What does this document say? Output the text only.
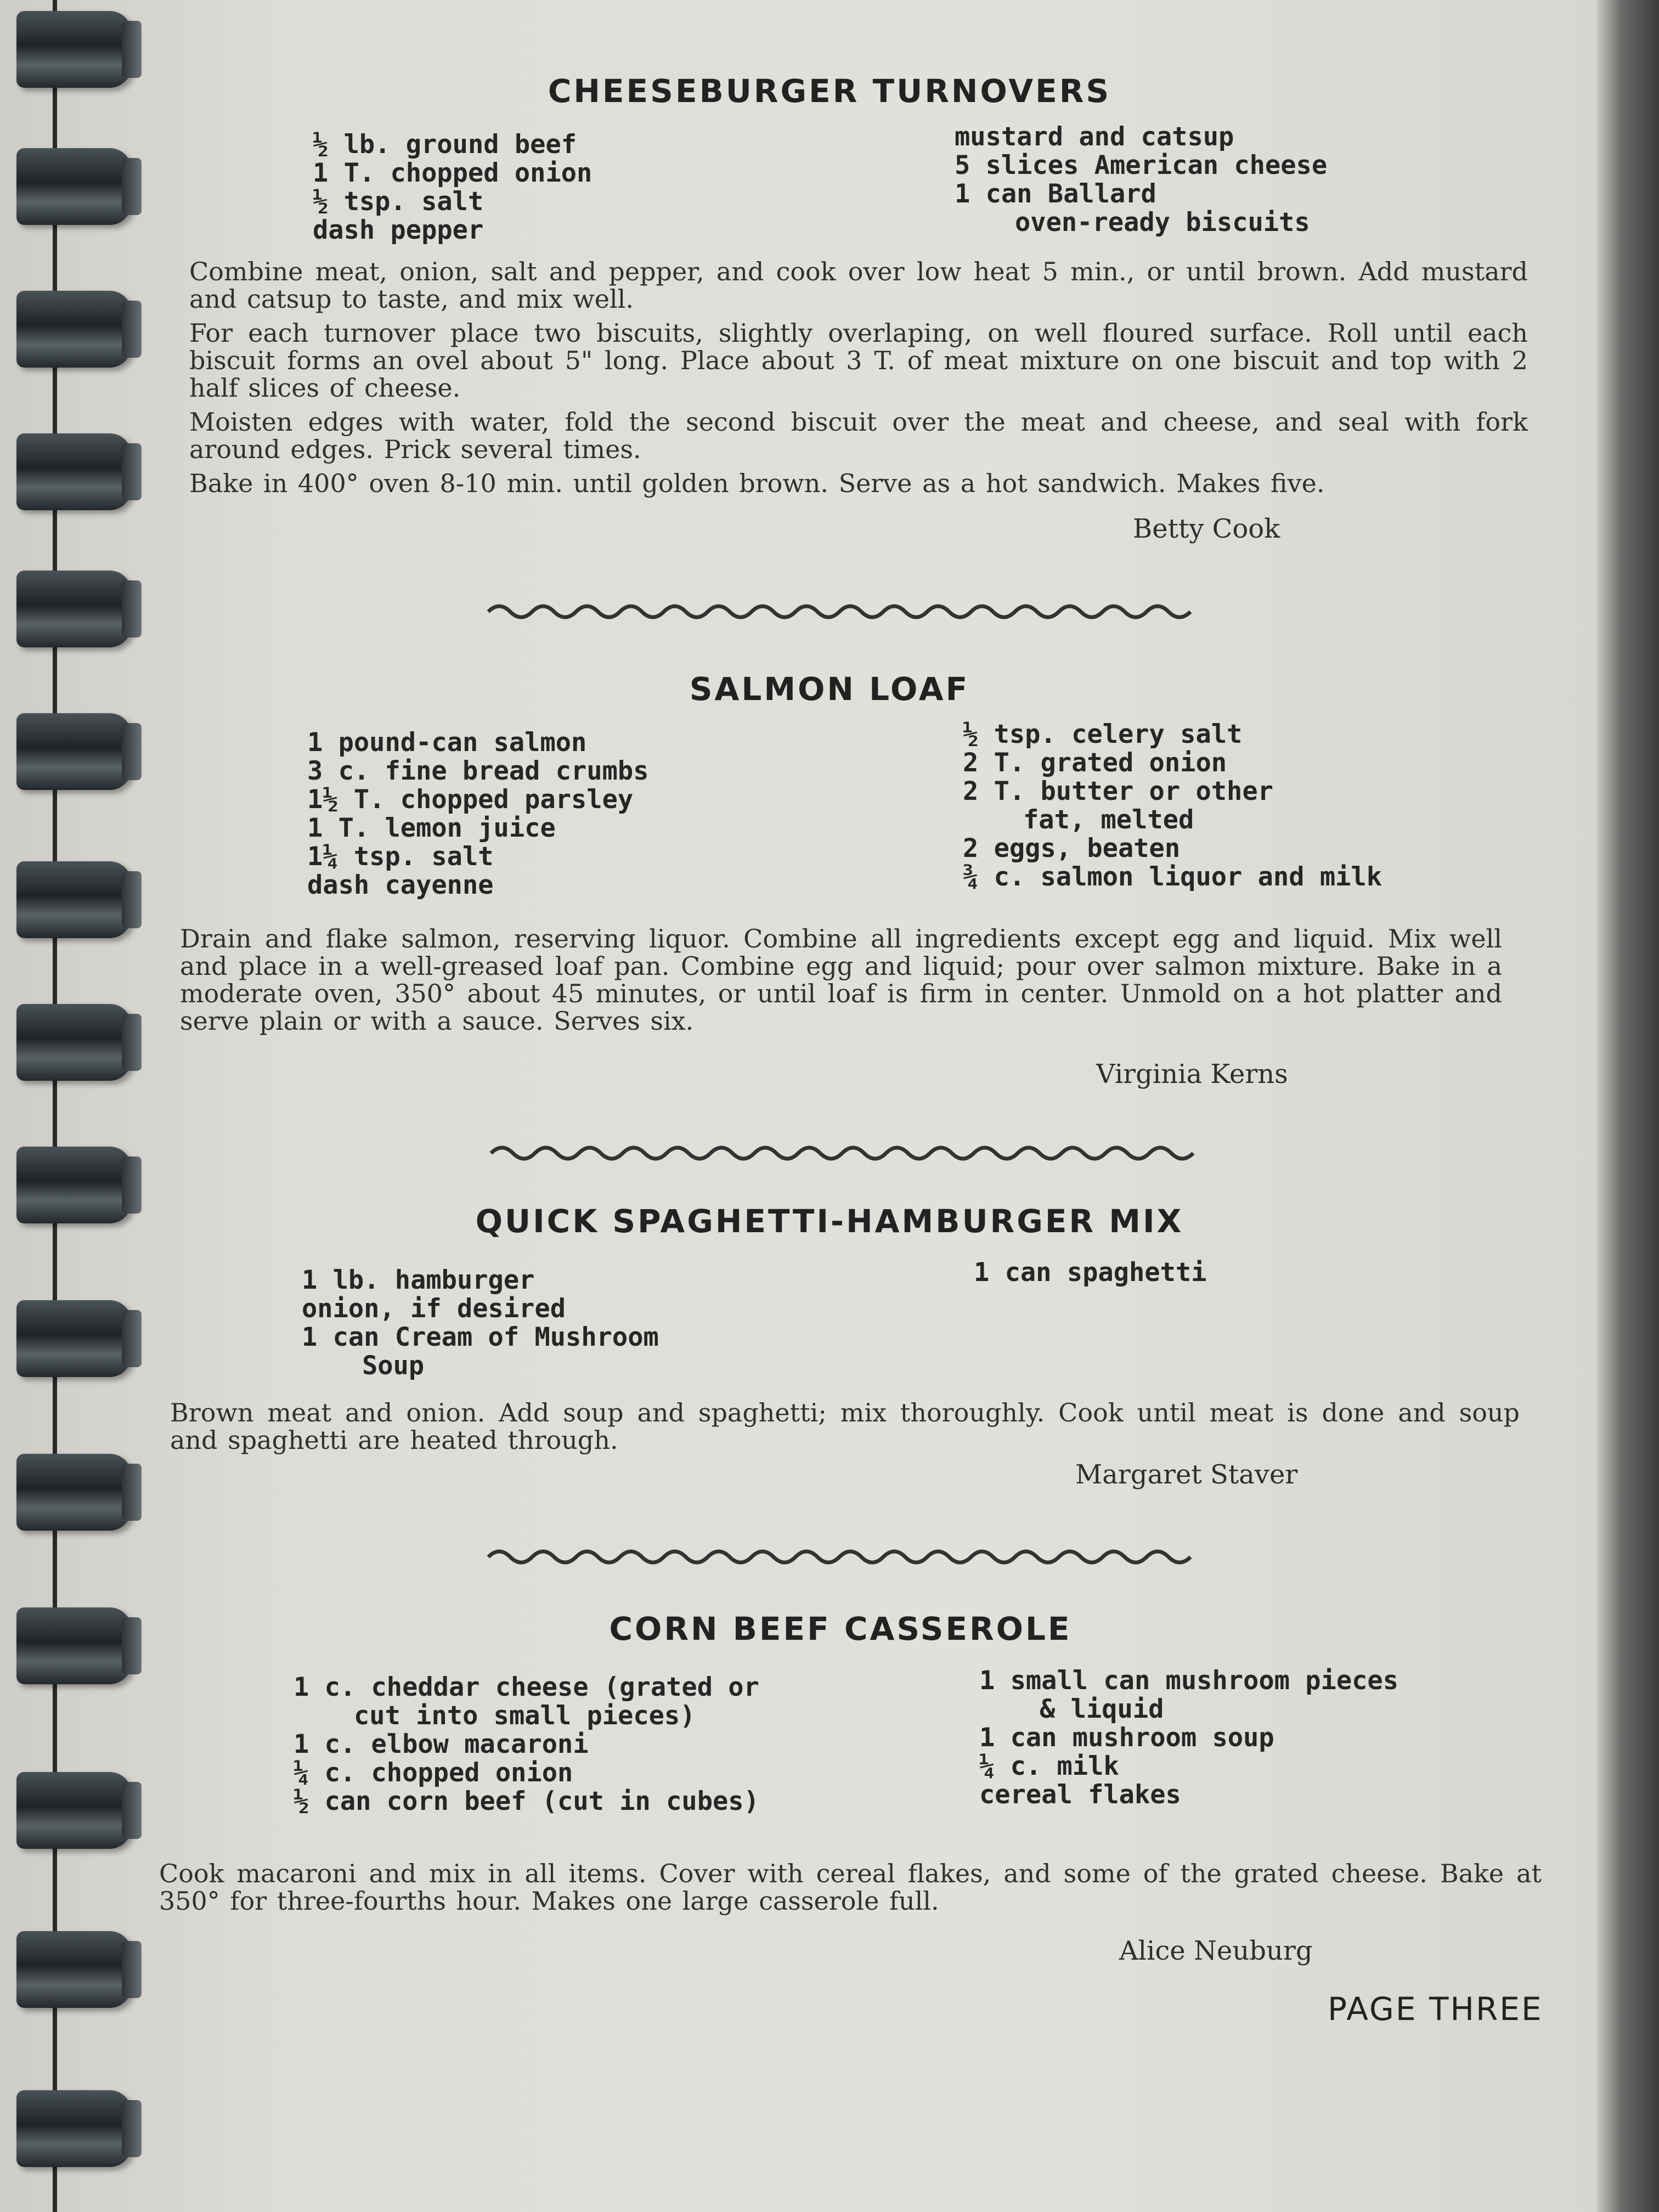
CHEESEBURGER TURNOVERS
½ lb. ground beef
1 T. chopped onion
½ tsp. salt
dash pepper
mustard and catsup
5 slices American cheese
1 can Ballard
oven-ready biscuits

Combine meat, onion, salt and pepper, and cook over low heat 5 min., or until brown. Add mustard and catsup to taste, and mix well.

For each turnover place two biscuits, slightly overlaping, on well floured surface. Roll until each biscuit forms an ovel about 5" long. Place about 3 T. of meat mixture on one biscuit and top with 2 half slices of cheese.

Moisten edges with water, fold the second biscuit over the meat and cheese, and seal with fork around edges. Prick several times.

Bake in 400° oven 8-10 min. until golden brown. Serve as a hot sandwich. Makes five.

Betty Cook
SALMON LOAF
1 pound-can salmon
3 c. fine bread crumbs
1½ T. chopped parsley
1 T. lemon juice
1¼ tsp. salt
dash cayenne
½ tsp. celery salt
2 T. grated onion
2 T. butter or other
fat, melted
2 eggs, beaten
¾ c. salmon liquor and milk

Drain and flake salmon, reserving liquor. Combine all ingredients except egg and liquid. Mix well and place in a well-greased loaf pan. Combine egg and liquid; pour over salmon mixture. Bake in a moderate oven, 350° about 45 minutes, or until loaf is firm in center. Unmold on a hot platter and serve plain or with a sauce. Serves six.

Virginia Kerns
QUICK SPAGHETTI-HAMBURGER MIX
1 lb. hamburger
onion, if desired
1 can Cream of Mushroom
Soup
1 can spaghetti

Brown meat and onion. Add soup and spaghetti; mix thoroughly. Cook until meat is done and soup and spaghetti are heated through.

Margaret Staver
CORN BEEF CASSEROLE
1 c. cheddar cheese (grated or
cut into small pieces)
1 c. elbow macaroni
¼ c. chopped onion
½ can corn beef (cut in cubes)
1 small can mushroom pieces
& liquid
1 can mushroom soup
¼ c. milk
cereal flakes

Cook macaroni and mix in all items. Cover with cereal flakes, and some of the grated cheese. Bake at 350° for three-fourths hour. Makes one large casserole full.

Alice Neuburg
PAGE THREE
